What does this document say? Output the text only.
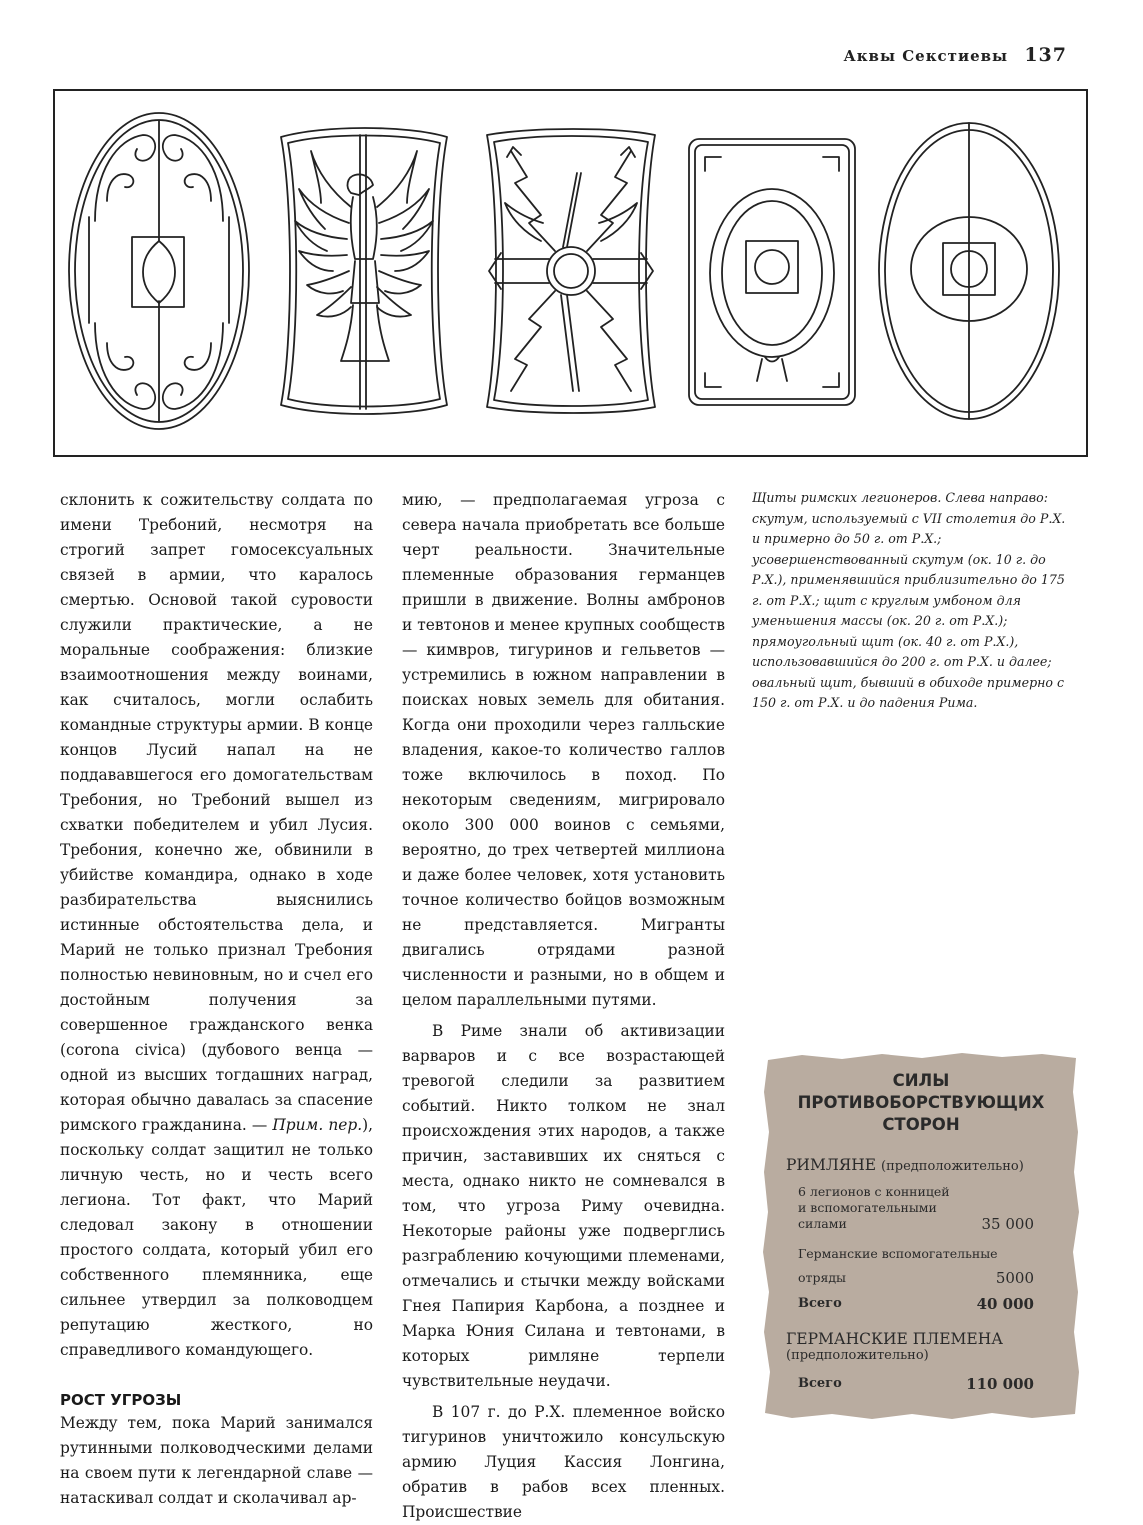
Аквы Секстиевы 137

склонить к сожительству солдата по имени Требоний, несмотря на строгий запрет гомосексуальных связей в армии, что каралось смертью. Основой такой суровости служили практические, а не моральные соображения: близкие взаимоотношения между воинами, как считалось, могли ослабить командные структуры армии. В конце концов Лусий напал на не поддававшегося его домогательствам Требония, но Требоний вышел из схватки победителем и убил Лусия. Требония, конечно же, обвинили в убийстве командира, однако в ходе разбирательства выяснились истинные обстоятельства дела, и Марий не только признал Требония полностью невиновным, но и счел его достойным получения за совершенное гражданского венка (corona civica) (дубового венца — одной из высших тогдашних наград, которая обычно давалась за спасение римского гражданина. — Прим. пер.), поскольку солдат защитил не только личную честь, но и честь всего легиона. Тот факт, что Марий следовал закону в отношении простого солдата, который убил его собственного племянника, еще сильнее утвердил за полководцем репутацию жесткого, но справедливого командующего.

РОСТ УГРОЗЫ

Между тем, пока Марий занимался рутинными полководческими делами на своем пути к легендарной славе — натаскивал солдат и сколачивал ар-

мию, — предполагаемая угроза с севера начала приобретать все больше черт реальности. Значительные племенные образования германцев пришли в движение. Волны амбронов и тевтонов и менее крупных сообществ — кимвров, тигуринов и гельветов — устремились в южном направлении в поисках новых земель для обитания. Когда они проходили через галльские владения, какое-то количество галлов тоже включилось в поход. По некоторым сведениям, мигрировало около 300 000 воинов с семьями, вероятно, до трех четвертей миллиона и даже более человек, хотя установить точное количество бойцов возможным не представляется. Мигранты двигались отрядами разной численности и разными, но в общем и целом параллельными путями.

В Риме знали об активизации варваров и с все возрастающей тревогой следили за развитием событий. Никто толком не знал происхождения этих народов, а также причин, заставивших их сняться с места, однако никто не сомневался в том, что угроза Риму очевидна. Некоторые районы уже подверглись разграблению кочующими племенами, отмечались и стычки между войсками Гнея Папирия Карбона, а позднее и Марка Юния Силана и тевтонами, в которых римляне терпели чувствительные неудачи.

В 107 г. до Р.Х. племенное войско тигуринов уничтожило консульскую армию Луция Кассия Лонгина, обратив в рабов всех пленных. Происшествие

Щиты римских легионеров. Слева направо: скутум, используемый с VII столетия до Р.Х. и примерно до 50 г. от Р.Х.; усовершенствованный скутум (ок. 10 г. до Р.Х.), применявшийся приблизительно до 175 г. от Р.Х.; щит с круглым умбоном для уменьшения массы (ок. 20 г. от Р.Х.); прямоугольный щит (ок. 40 г. от Р.Х.), использовавшийся до 200 г. от Р.Х. и далее; овальный щит, бывший в обиходе примерно с 150 г. от Р.Х. и до падения Рима.
СИЛЫ
ПРОТИВОБОРСТВУЮЩИХ
СТОРОН
РИМЛЯНЕ (предположительно)
6 легионов с конницей
и вспомогательными
силами	35 000
Германские вспомогательные
отряды	5000
Всего	40 000
ГЕРМАНСКИЕ ПЛЕМЕНА
(предположительно)
Всего	110 000
